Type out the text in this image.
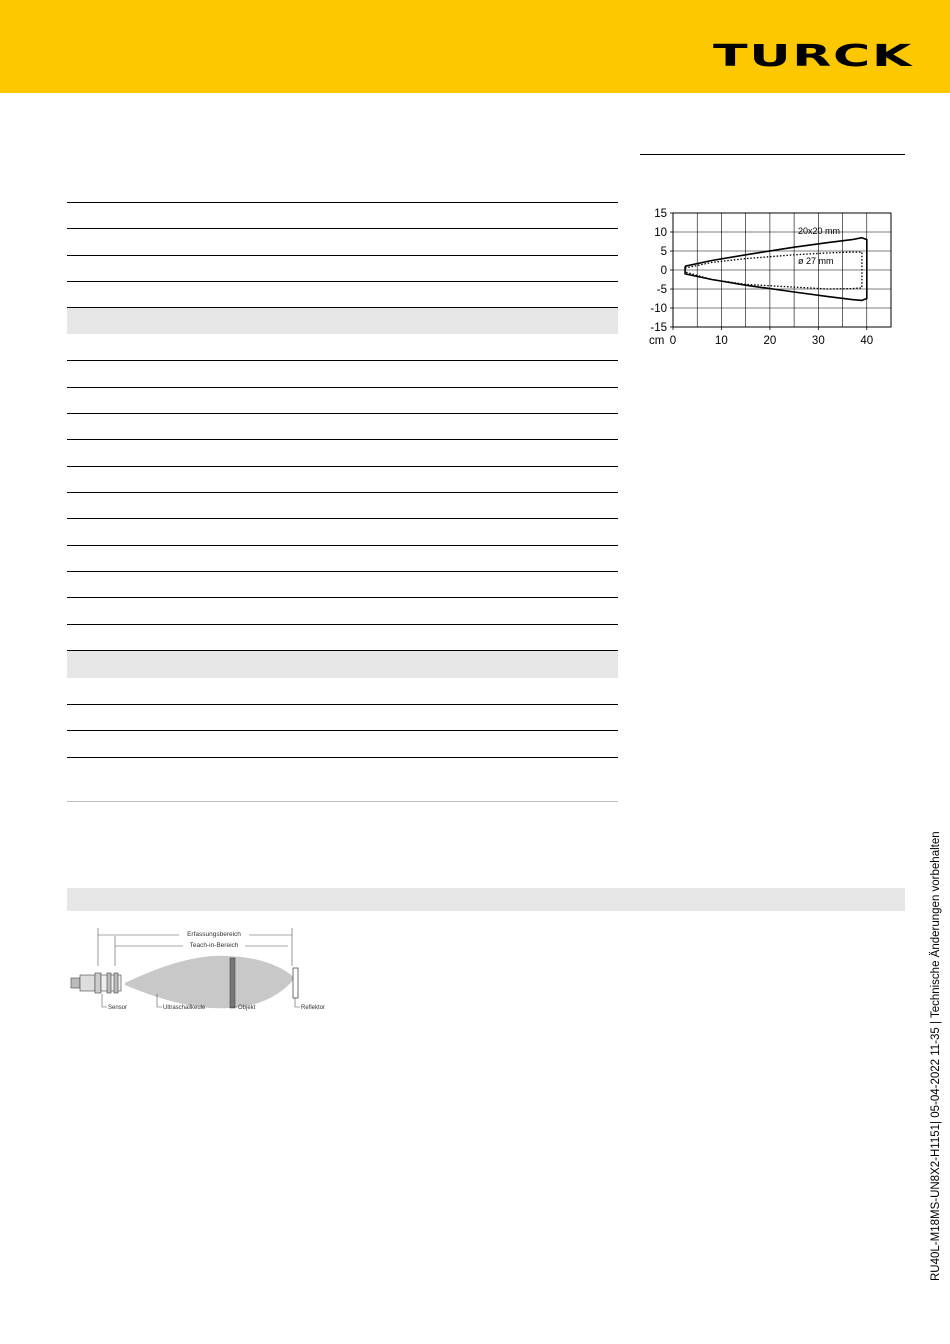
TURCK
15
10
5
0
-5
-10
-15
cm 0	10	20	30	40
20x20 mm
ø 27 mm
Erfassungsbereich
Teach-in-Bereich
Sensor	Ultraschallkeule	Objekt	Reflektor	RU40L-M18MS-UN8X2-H1151| 05-04-2022 11-35 | Technische Änderungen vorbehalten
